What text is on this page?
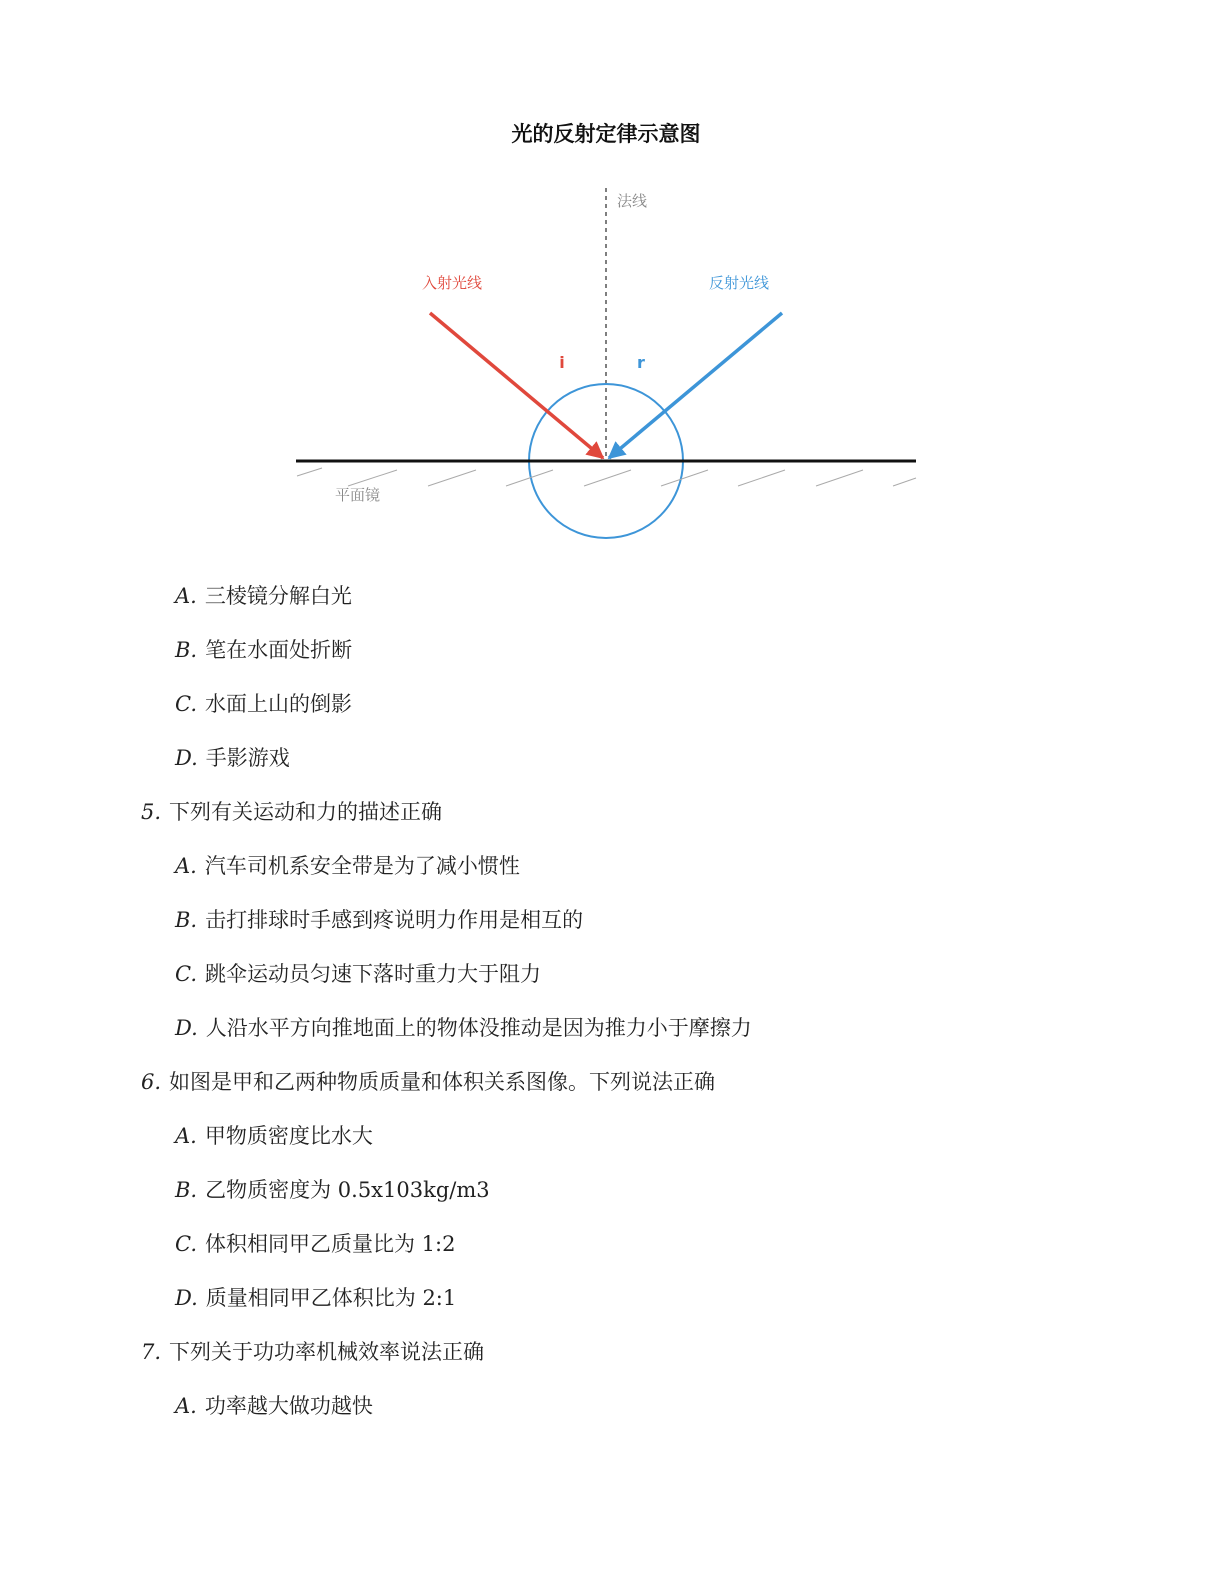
光的反射定律示意图
法线
平面镜
入射光线
i
反射光线
r
A. 三棱镜分解白光
B. 笔在水面处折断
C. 水面上山的倒影
D. 手影游戏
5. 下列有关运动和力的描述正确
A. 汽车司机系安全带是为了减小惯性
B. 击打排球时手感到疼说明力作用是相互的
C. 跳伞运动员匀速下落时重力大于阻力
D. 人沿水平方向推地面上的物体没推动是因为推力小于摩擦力
6. 如图是甲和乙两种物质质量和体积关系图像。下列说法正确
A. 甲物质密度比水大
B. 乙物质密度为 0.5x103kg/m3
C. 体积相同甲乙质量比为 1:2
D. 质量相同甲乙体积比为 2:1
7. 下列关于功功率机械效率说法正确
A. 功率越大做功越快
